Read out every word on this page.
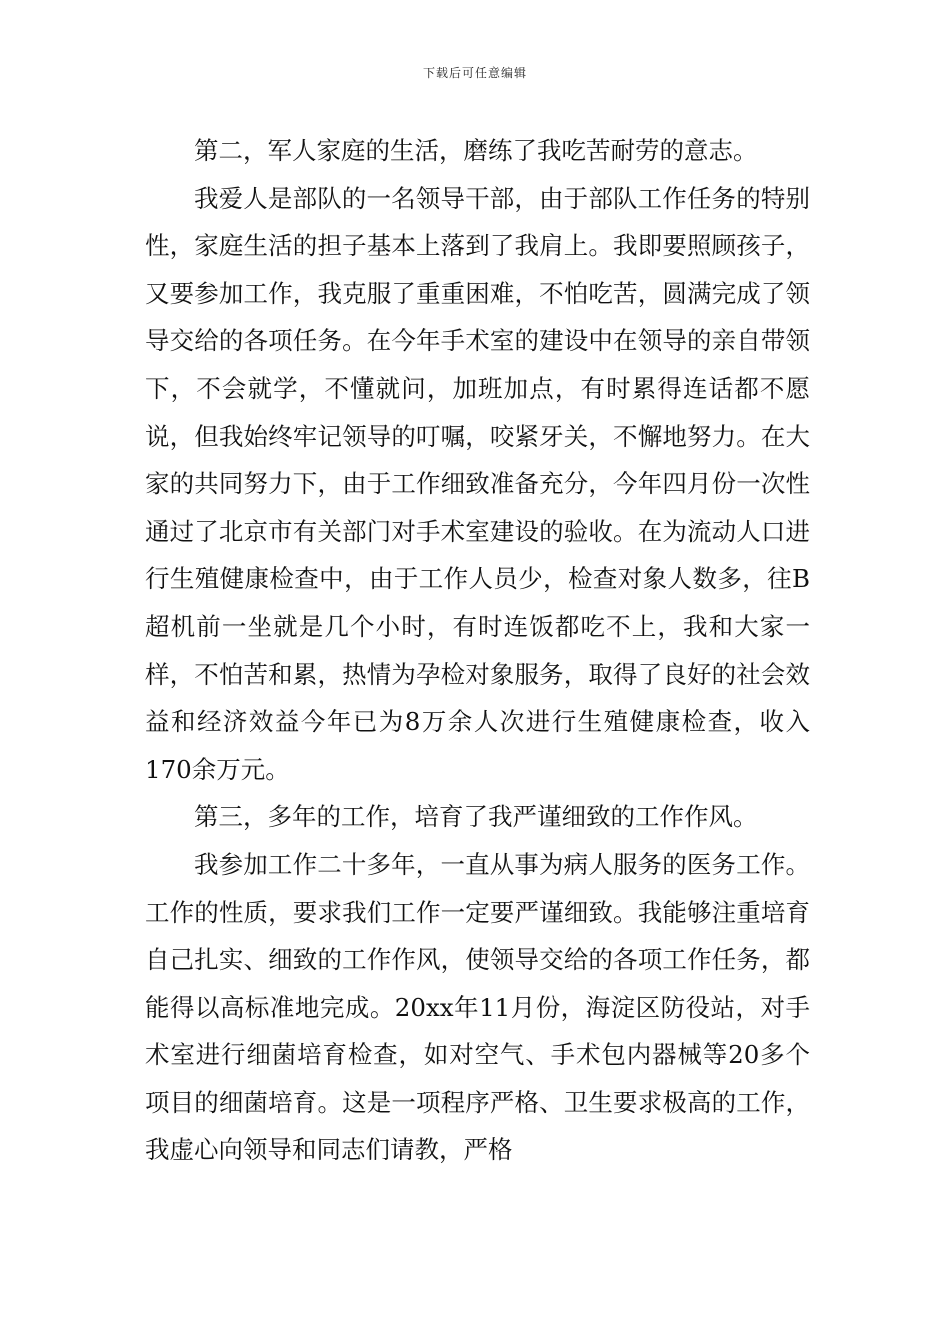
下载后可任意编辑

第二，军人家庭的生活，磨练了我吃苦耐劳的意志。

我爱人是部队的一名领导干部，由于部队工作任务的特别性，家庭生活的担子基本上落到了我肩上。我即要照顾孩子，又要参加工作，我克服了重重困难，不怕吃苦，圆满完成了领导交给的各项任务。在今年手术室的建设中在领导的亲自带领下，不会就学，不懂就问，加班加点，有时累得连话都不愿说，但我始终牢记领导的叮嘱，咬紧牙关，不懈地努力。在大家的共同努力下，由于工作细致准备充分，今年四月份一次性通过了北京市有关部门对手术室建设的验收。在为流动人口进行生殖健康检查中，由于工作人员少，检查对象人数多，往B超机前一坐就是几个小时，有时连饭都吃不上，我和大家一样，不怕苦和累，热情为孕检对象服务，取得了良好的社会效益和经济效益今年已为8万余人次进行生殖健康检查，收入170余万元。

第三，多年的工作，培育了我严谨细致的工作作风。

我参加工作二十多年，一直从事为病人服务的医务工作。工作的性质，要求我们工作一定要严谨细致。我能够注重培育自己扎实、细致的工作作风，使领导交给的各项工作任务，都能得以高标准地完成。20xx年11月份，海淀区防役站，对手术室进行细菌培育检查，如对空气、手术包内器械等20多个项目的细菌培育。这是一项程序严格、卫生要求极高的工作，我虚心向领导和同志们请教，严格
